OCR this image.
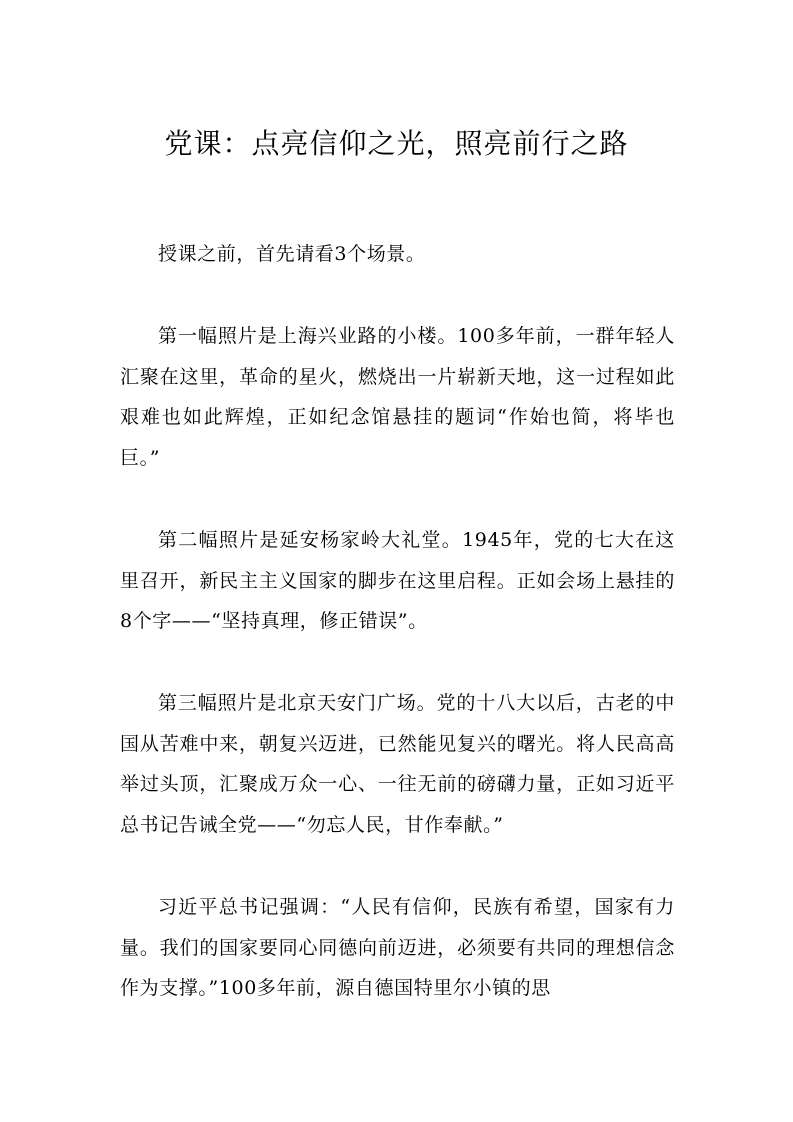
党课：点亮信仰之光，照亮前行之路

授课之前，首先请看3个场景。

第一幅照片是上海兴业路的小楼。100多年前，一群年轻人汇聚在这里，革命的星火，燃烧出一片崭新天地，这一过程如此艰难也如此辉煌，正如纪念馆悬挂的题词“作始也简，将毕也巨。”

第二幅照片是延安杨家岭大礼堂。1945年，党的七大在这里召开，新民主主义国家的脚步在这里启程。正如会场上悬挂的8个字——“坚持真理，修正错误”。

第三幅照片是北京天安门广场。党的十八大以后，古老的中国从苦难中来，朝复兴迈进，已然能见复兴的曙光。将人民高高举过头顶，汇聚成万众一心、一往无前的磅礴力量，正如习近平总书记告诫全党——“勿忘人民，甘作奉献。”

习近平总书记强调：“人民有信仰，民族有希望，国家有力量。我们的国家要同心同德向前迈进，必须要有共同的理想信念作为支撑。”100多年前，源自德国特里尔小镇的思
